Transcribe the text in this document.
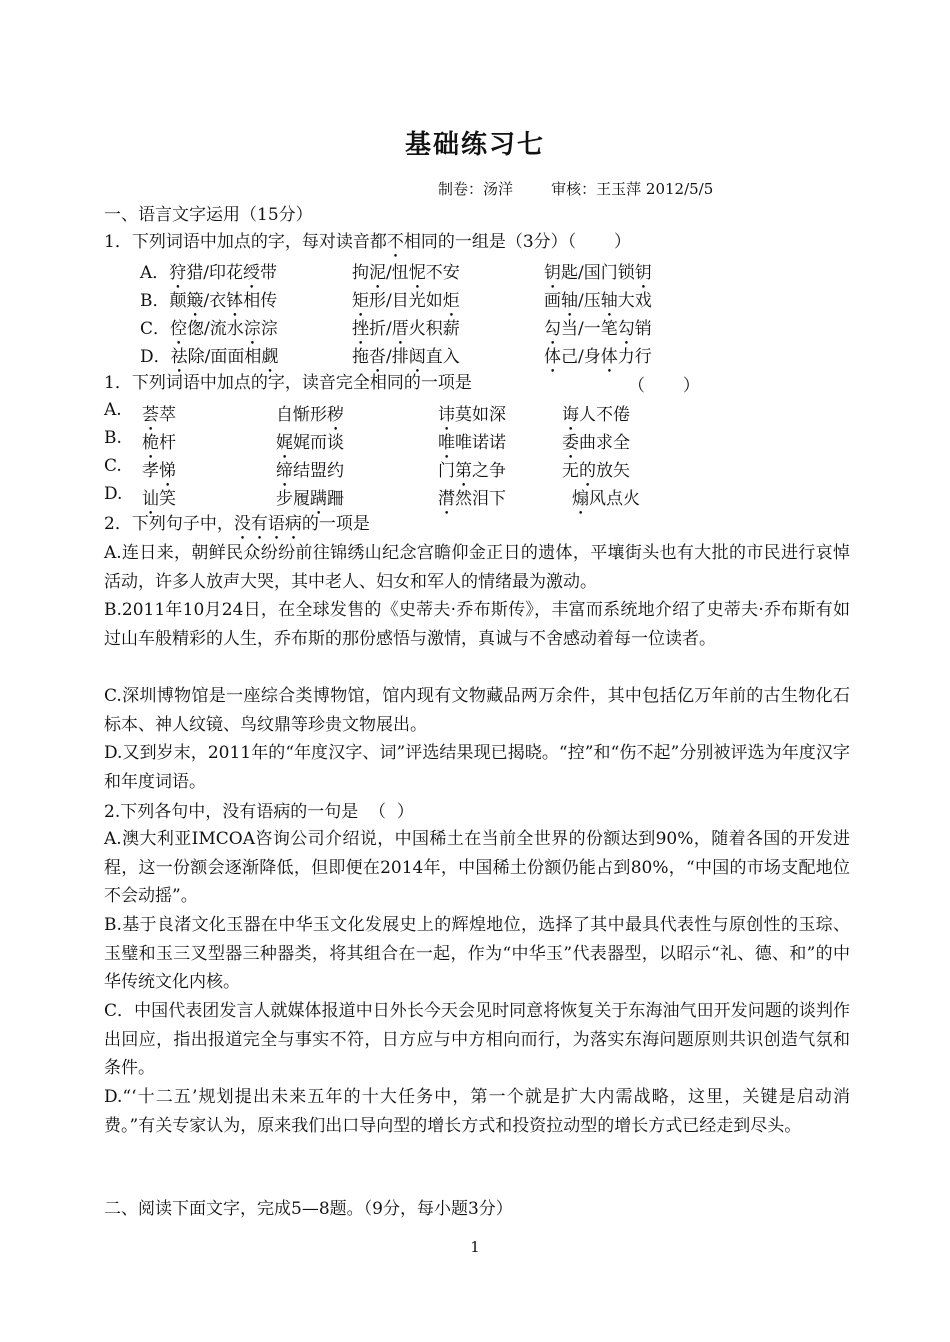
基础练习七
制卷：汤洋        审核：王玉萍 2012/5/5
一、语言文字运用（15分）
1．下列词语中加点的字，每对读音都不相同的一组是（3分）（       ）
A．狩猎/印花绶带	拘泥/忸怩不安	钥匙/国门锁钥
B．颠簸/衣钵相传	矩形/目光如炬	画轴/压轴大戏
C．倥偬/流水淙淙	挫折/厝火积薪	勾当/一笔勾销
D．祛除/面面相觑	拖沓/排闼直入	体己/身体力行
1．下列词语中加点的字，读音完全相同的一项是	（       ）
A. 荟萃	自惭形秽	讳莫如深	诲人不倦
B. 桅杆	娓娓而谈	唯唯诺诺	委曲求全
C. 孝悌	缔结盟约	门第之争	无的放矢
D. 讪笑	步履蹒跚	潸然泪下	煽风点火
2．下列句子中，没有语病的一项是
A.连日来，朝鲜民众纷纷前往锦绣山纪念宫瞻仰金正日的遗体，平壤街头也有大批的市民进行哀悼活动，许多人放声大哭，其中老人、妇女和军人的情绪最为激动。
B.2011年10月24日，在全球发售的《史蒂夫·乔布斯传》，丰富而系统地介绍了史蒂夫·乔布斯有如过山车般精彩的人生，乔布斯的那份感悟与激情，真诚与不舍感动着每一位读者。
C.深圳博物馆是一座综合类博物馆，馆内现有文物藏品两万余件，其中包括亿万年前的古生物化石标本、神人纹镜、鸟纹鼎等珍贵文物展出。
D.又到岁末，2011年的“年度汉字、词”评选结果现已揭晓。“控”和“伤不起”分别被评选为年度汉字和年度词语。
2.下列各句中，没有语病的一句是  （  ）
A.澳大利亚IMCOA咨询公司介绍说，中国稀土在当前全世界的份额达到90%，随着各国的开发进程，这一份额会逐渐降低，但即便在2014年，中国稀土份额仍能占到80%，“中国的市场支配地位不会动摇”。
B.基于良渚文化玉器在中华玉文化发展史上的辉煌地位，选择了其中最具代表性与原创性的玉琮、玉璧和玉三叉型器三种器类，将其组合在一起，作为“中华玉”代表器型，以昭示“礼、德、和”的中华传统文化内核。
C．中国代表团发言人就媒体报道中日外长今天会见时同意将恢复关于东海油气田开发问题的谈判作出回应，指出报道完全与事实不符，日方应与中方相向而行，为落实东海问题原则共识创造气氛和条件。
D.“‘十二五’规划提出未来五年的十大任务中，第一个就是扩大内需战略，这里，关键是启动消费。”有关专家认为，原来我们出口导向型的增长方式和投资拉动型的增长方式已经走到尽头。
二、阅读下面文字，完成5—8题。（9分，每小题3分）
1
